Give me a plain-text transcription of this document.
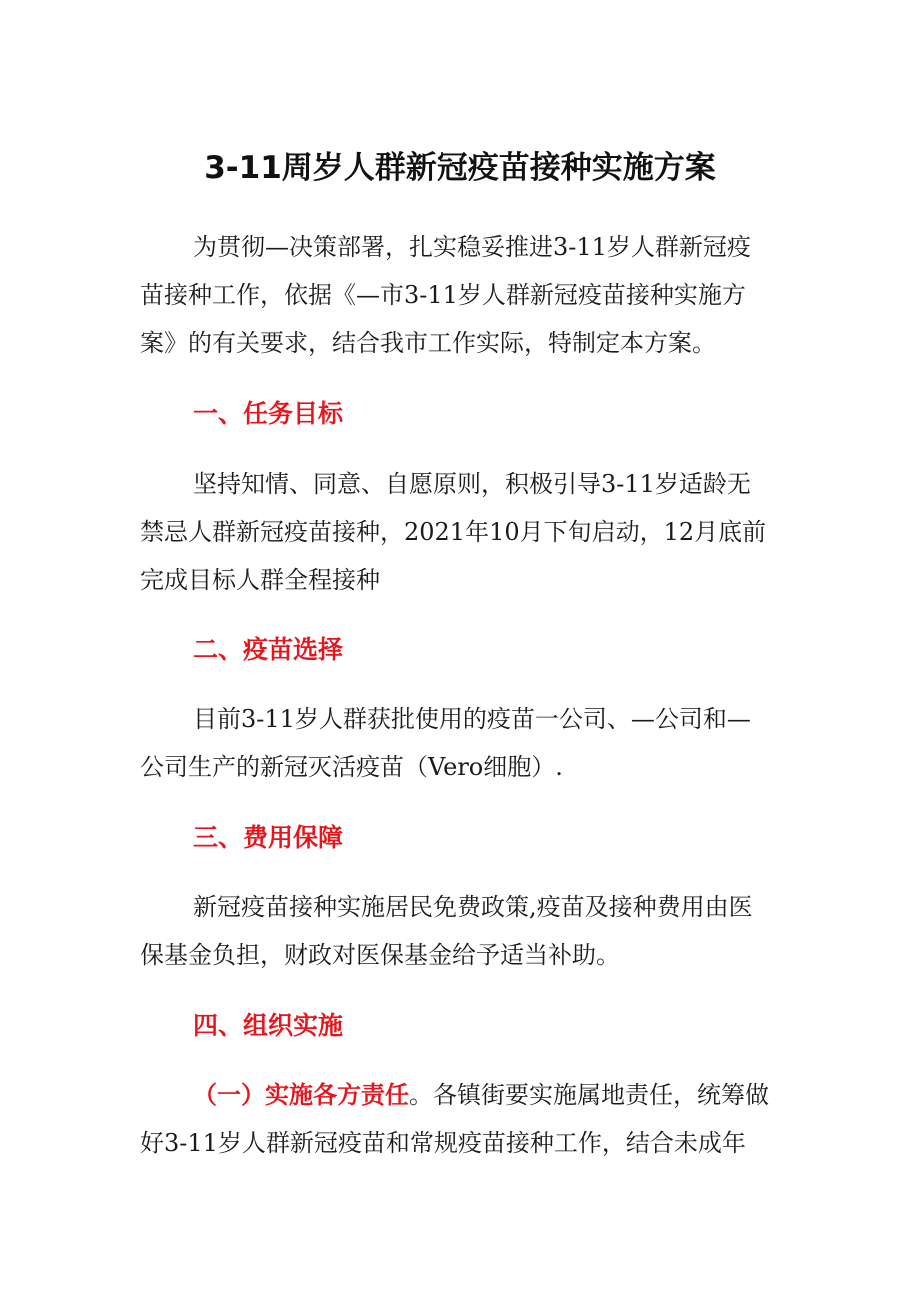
3-11周岁人群新冠疫苗接种实施方案
为贯彻—决策部署，扎实稳妥推进3-11岁人群新冠疫
苗接种工作，依据《—市3-11岁人群新冠疫苗接种实施方
案》的有关要求，结合我市工作实际，特制定本方案。
一、任务目标
坚持知情、同意、自愿原则，积极引导3-11岁适龄无
禁忌人群新冠疫苗接种，2021年10月下旬启动，12月底前
完成目标人群全程接种
二、疫苗选择
目前3-11岁人群获批使用的疫苗一公司、—公司和—
公司生产的新冠灭活疫苗（Vero细胞）.
三、费用保障
新冠疫苗接种实施居民免费政策,疫苗及接种费用由医
保基金负担，财政对医保基金给予适当补助。
四、组织实施
（一）实施各方责任。各镇街要实施属地责任，统筹做
好3-11岁人群新冠疫苗和常规疫苗接种工作，结合未成年
